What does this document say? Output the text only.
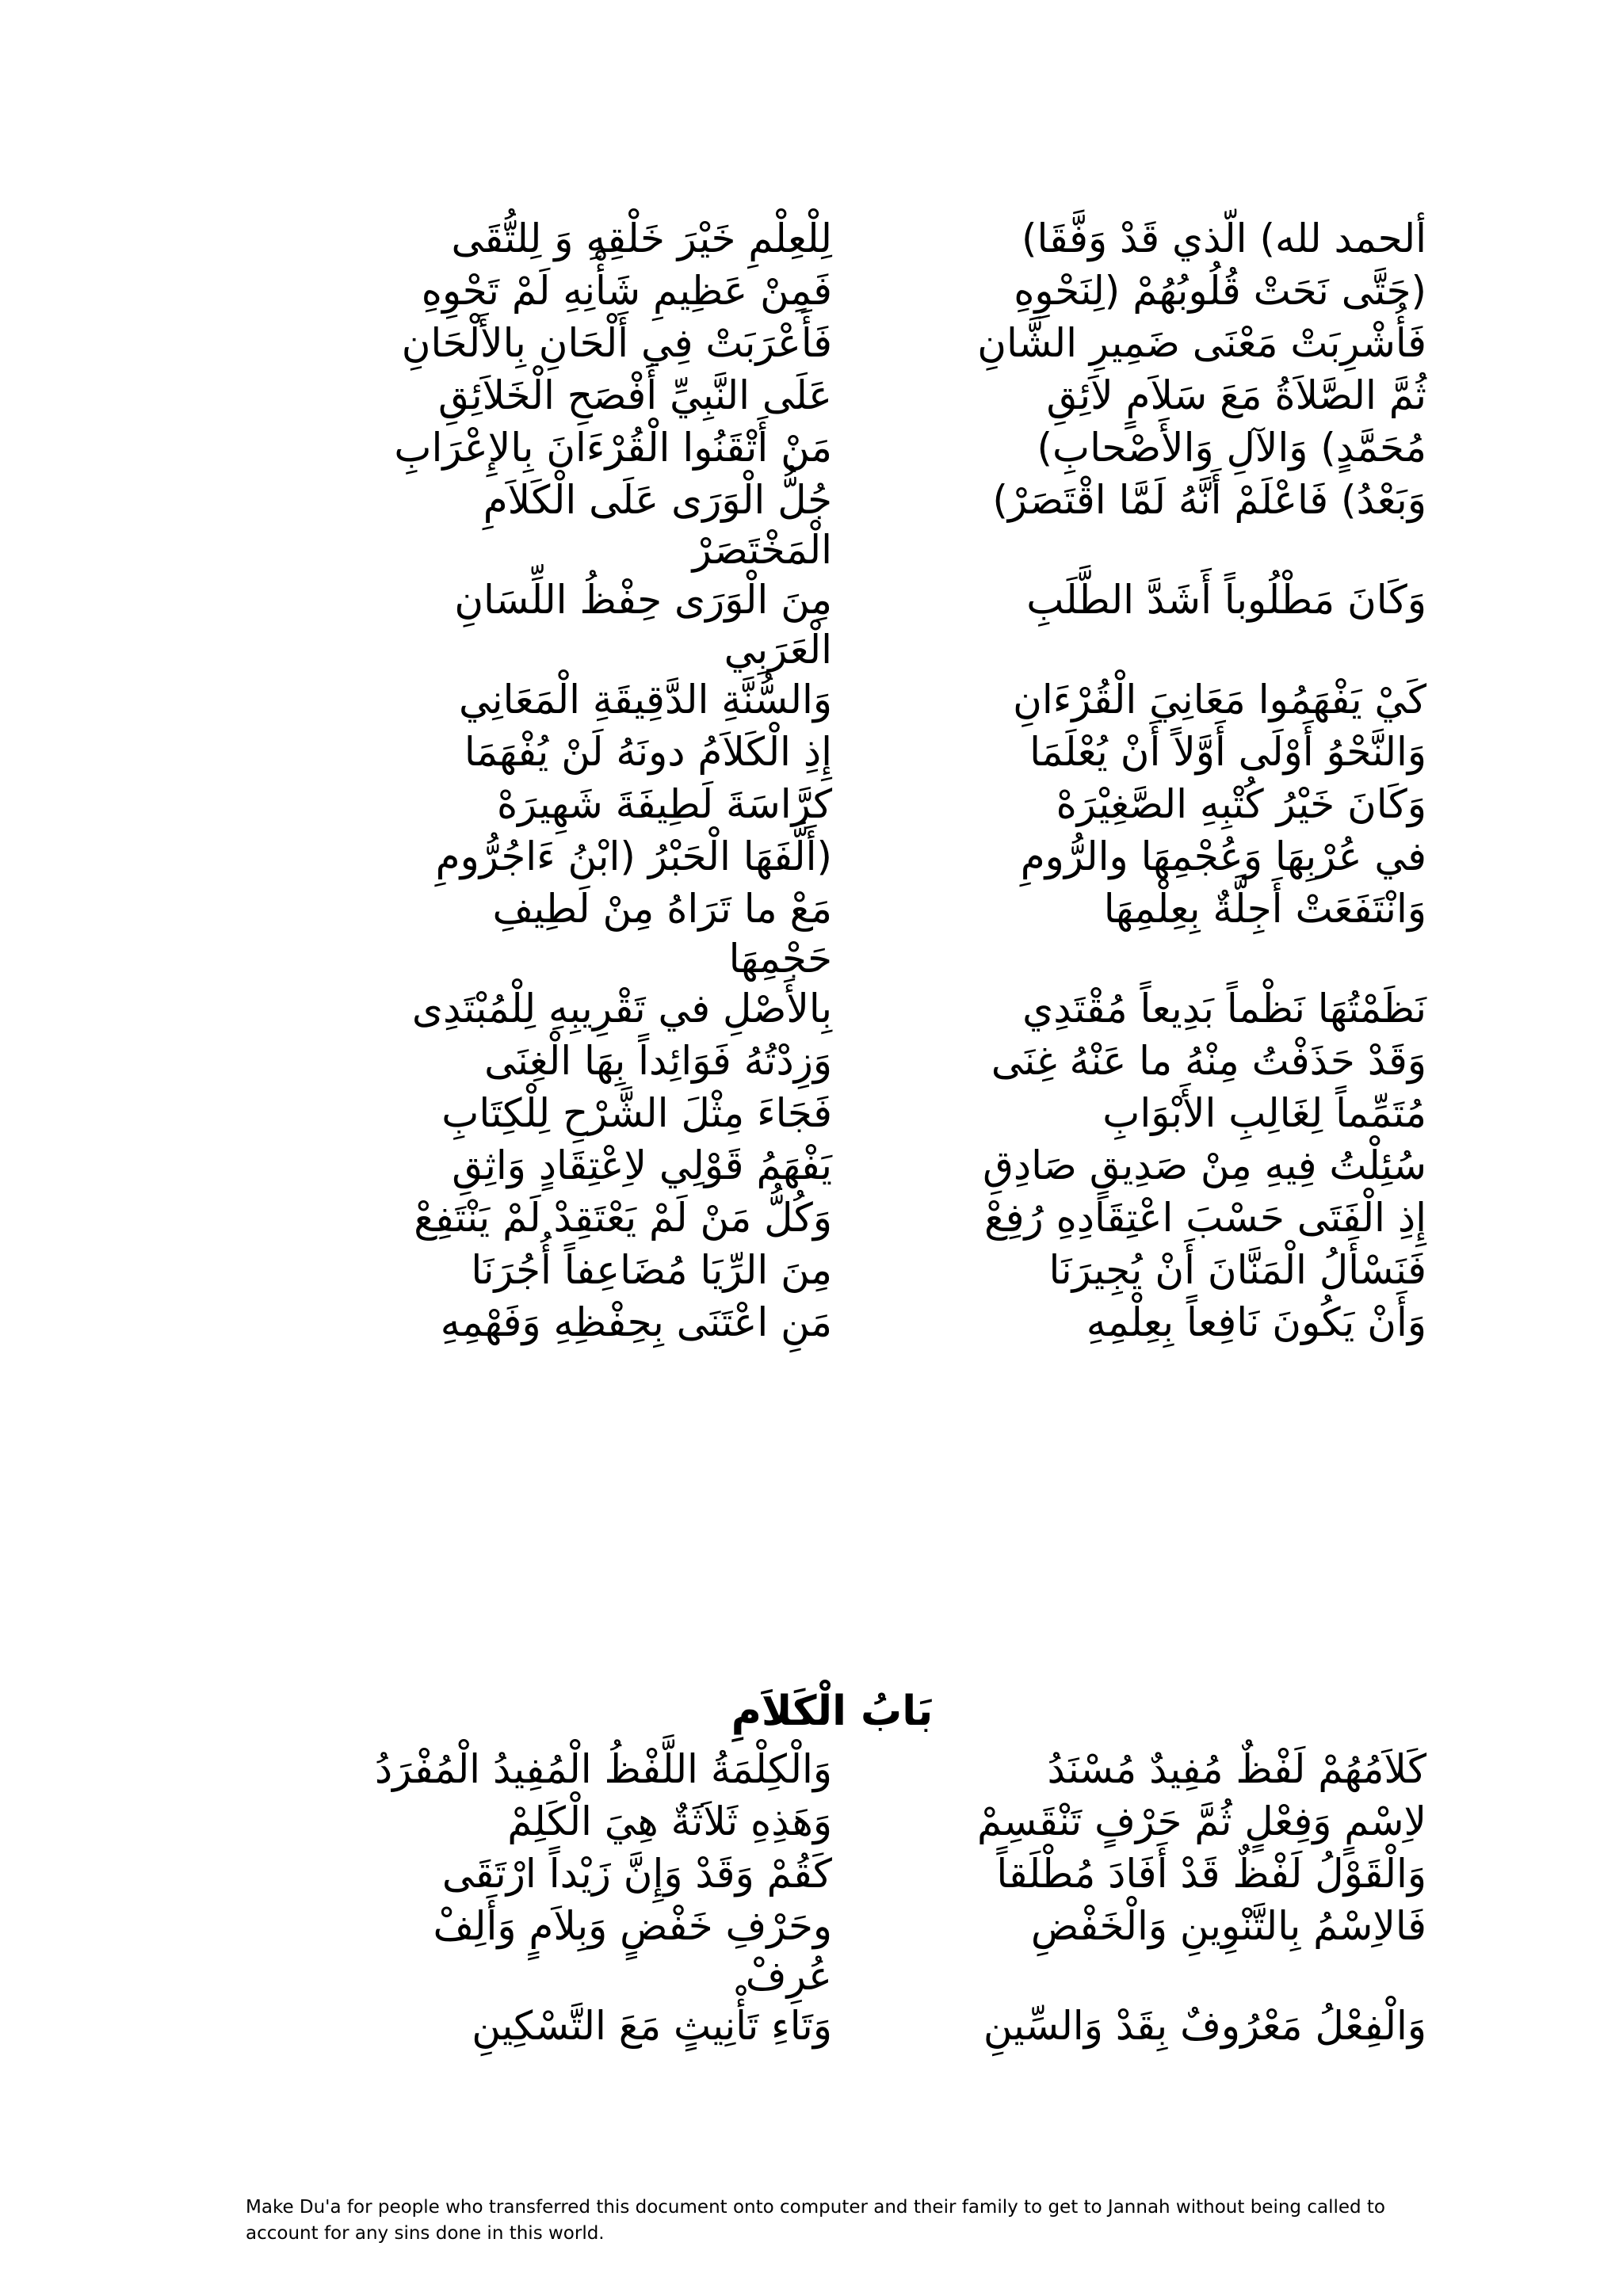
ألحمد لله) الّذي قَدْ وَفَّقَا)
لِلْعِلْمِ خَيْرَ خَلْقِهِ وَ لِلتُّقَى
(حَتَّى نَحَتْ قُلُوبُهُمْ (لِنَحْوِهِ
فَمِنْ عَظِيمِ شَأْنِهِ لَمْ تَحْوِهِ
فَأُشْرِبَتْ مَعْنَى ضَمِيرِ الشَّانِ
فَأَعْرَبَتْ فِي أَلْحَانِ بِالأَلْحَانِ
ثُمَّ الصَّلاَةُ مَعَ سَلاَمٍ لاَئِقِ
عَلَى النَّبِيِّ أَفْصَحِ الْخَلاَئِقِ
مُحَمَّدٍ) وَالآلِ وَالأَصْحابِ)
مَنْ أَتْقَنُوا الْقُرْءَانَ بِالإِعْرَابِ
وَبَعْدُ) فَاعْلَمْ أَنَّهُ لَمَّا اقْتَصَرْ)
جُلُّ الْوَرَى عَلَى الْكَلاَمِ
الْمَخْتَصَرْ
وَكَانَ مَطْلُوباً أَشَدَّ الطَّلَبِ
مِنَ الْوَرَى حِفْظُ اللِّسَانِ
الْعَرَبِي
كَيْ يَفْهَمُوا مَعَانِيَ الْقُرْءَانِ
وَالسُّنَّةِ الدَّقِيقَةِ الْمَعَانِي
وَالنَّحْوُ أَوْلَى أَوَّلاً أَنْ يُعْلَمَا
إِذِ الْكَلاَمُ دونَهُ لَنْ يُفْهَمَا
وَكَانَ خَيْرُ كُتْبِهِ الصَّغِيْرَهْ
كرَّاسَةَ لَطِيفَةَ شَهِيرَهْ
في عُرْبِهَا وَعُجْمِهَا والرُّومِ
(أَلَّفَهَا الْحَبْرُ (ابْنُ ءَاجُرُّومِ
وَانْتَفَعَتْ أَجِلَّةٌ بِعِلْمِهَا
مَعْ ما تَرَاهُ مِنْ لَطِيفِ
حَجْمِهَا
نَظَمْتُهَا نَظْماً بَدِيعاً مُقْتَدِي
بِالأَصْلِ في تَقْرِيبِهِ لِلْمُبْتَدِى
وَقَدْ حَذَفْتُ مِنْهُ ما عَنْهُ غِنَى
وَزِدْتُهُ فَوَائِداً بِهَا الْغِنَى
مُتَمِّماً لِغَالِبِ الأَبْوَابِ
فَجَاءَ مِثْلَ الشَّرْحِ لِلْكِتَابِ
سُئِلْتُ فِيهِ مِنْ صَدِيقٍ صَادِقِ
يَفْهَمُ قَوْلِي لاِعْتِقَادٍ وَاثِقِ
إِذِ الْفَتَى حَسْبَ اعْتِقَادِهِ رُفِعْ
وَكُلُّ مَنْ لَمْ يَعْتَقِدْ لَمْ يَنْتَفِعْ
فَنَسْأَلُ الْمَنَّانَ أَنْ يُجِيرَنَا
مِنَ الرِّيَا مُضَاعِفاً أُجُرَنَا
وَأَنْ يَكُونَ نَافِعاً بِعِلْمِهِ
مَنِ اعْتَنَى بِحِفْظِهِ وَفَهْمِهِ
بَابُ الْكَلاَمِ
كَلاَمُهُمْ لَفْظٌ مُفِيدٌ مُسْنَدُ
وَالْكِلْمَةُ اللَّفْظُ الْمُفِيدُ الْمُفْرَدُ
لاِسْمٍ وَفِعْلٍ ثُمَّ حَرْفٍ تَنْقَسِمْ
وَهَذِهِ ثَلاَثَةٌ هِيَ الْكَلِمْ
وَالْقَوْلُ لَفْظٌ قَدْ أَفَادَ مُطْلَقاً
كَقُمْ وَقَدْ وَإِنَّ زَيْداً ارْتَقَى
فَالاِسْمُ بِالتَّنْوِينِ وَالْخَفْضِ
وحَرْفِ خَفْضٍ وَبِلاَمٍ وَأَلِفْ
عُرِفْ
وَالْفِعْلُ مَعْرُوفٌ بِقَدْ وَالسِّينِ
وَتَاءِ تَأْنِيثٍ مَعَ التَّسْكِينِ
Make Du'a for people who transferred this document onto computer and their family to get to Jannah without being called to account for any sins done in this world.
